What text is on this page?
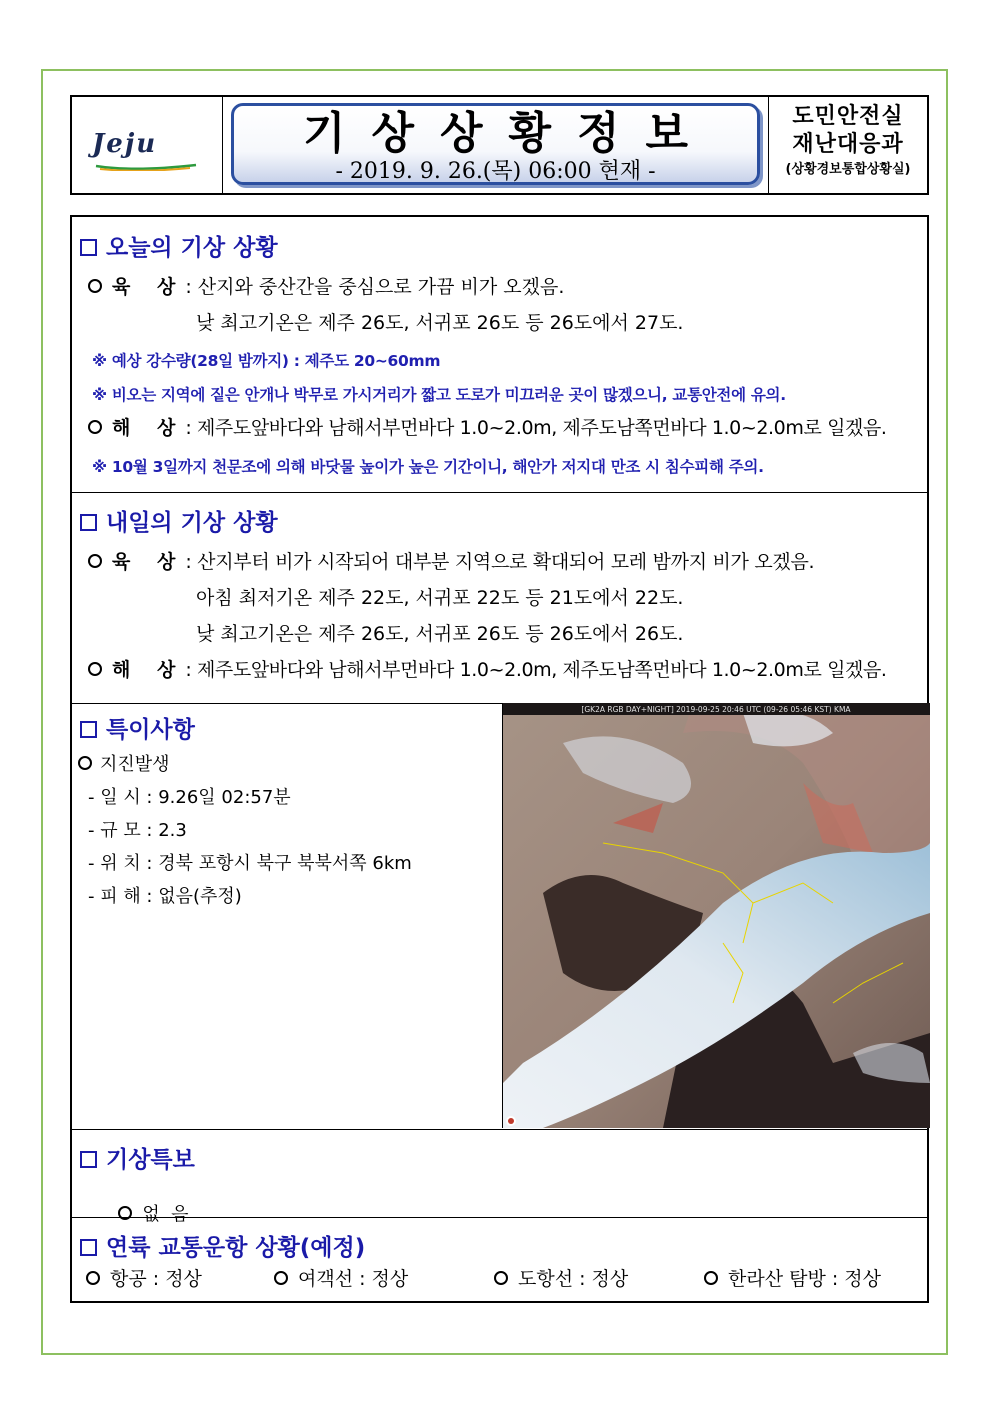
Jeju	기상상황정보
- 2019. 9. 26.(목) 06:00 현재 -
도민안전실
재난대응과
(상황경보통합상황실)
오늘의 기상 상황
육 상: 산지와 중산간을 중심으로 가끔 비가 오겠음.
낮 최고기온은 제주 26도, 서귀포 26도 등 26도에서 27도.
※ 예상 강수량(28일 밤까지) : 제주도 20~60mm
※ 비오는 지역에 짙은 안개나 박무로 가시거리가 짧고 도로가 미끄러운 곳이 많겠으니, 교통안전에 유의.
해 상: 제주도앞바다와 남해서부먼바다 1.0~2.0m, 제주도남쪽먼바다 1.0~2.0m로 일겠음.
※ 10월 3일까지 천문조에 의해 바닷물 높이가 높은 기간이니, 해안가 저지대 만조 시 침수피해 주의.
내일의 기상 상황
육 상: 산지부터 비가 시작되어 대부분 지역으로 확대되어 모레 밤까지 비가 오겠음.
아침 최저기온 제주 22도, 서귀포 22도 등 21도에서 22도.
낮 최고기온은 제주 26도, 서귀포 26도 등 26도에서 26도.
해 상: 제주도앞바다와 남해서부먼바다 1.0~2.0m, 제주도남쪽먼바다 1.0~2.0m로 일겠음.
특이사항
지진발생
- 일 시 : 9.26일 02:57분
- 규 모 : 2.3
- 위 치 : 경북 포항시 북구 북북서쪽 6km
- 피 해 : 없음(추정)
[GK2A RGB DAY+NIGHT] 2019-09-25 20:46 UTC (09-26 05:46 KST) KMA
기상특보

없  음

연륙 교통운항 상황(예정)
항공 : 정상	여객선 : 정상	도항선 : 정상	한라산 탐방 : 정상
